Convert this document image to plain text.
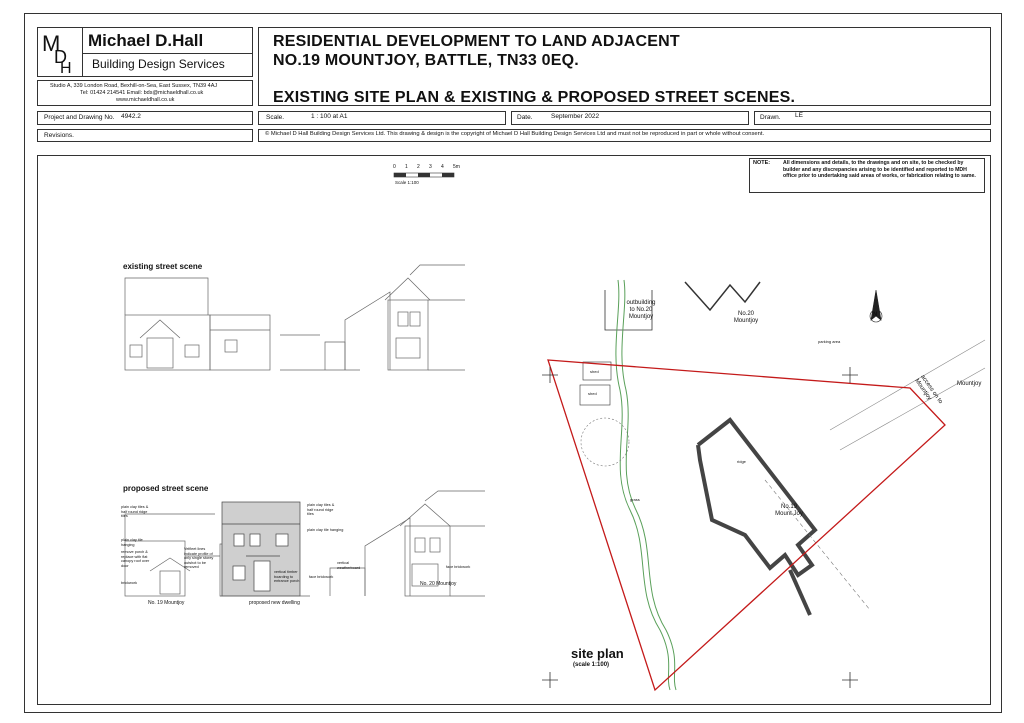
M
D
H
Michael D.Hall
Building Design Services
Studio A, 339 London Road, Bexhill-on-Sea, East Sussex, TN39 4AJ
Tel: 01424 214541 Email: bds@michaeldhall.co.uk
www.michaeldhall.co.uk
RESIDENTIAL DEVELOPMENT TO LAND ADJACENT
NO.19 MOUNTJOY, BATTLE, TN33 0EQ.
EXISTING SITE PLAN & EXISTING & PROPOSED STREET SCENES.
Project and Drawing No. 4942.2	Scale.	1 : 100 at A1	Date.	September 2022	Drawn. LE
Revisions.	© Michael D Hall Building Design Services Ltd. This drawing & design is the copyright of Michael D Hall Building Design Services Ltd and must not be reproduced in part or whole without consent.
NOTE: All dimensions and details, to the drawings and on site, to be checked by builder and any discrepancies arising to be identified and reported to MDH office prior to undertaking said areas of works, or fabrication relating to same.
0 1 2 3 4 5m
Scale 1:100
existing street scene
proposed street scene
plain clay tiles & half round ridge tiles
plain clay tile hanging
remove porch & replace with flat canopy roof over door
Velfleet lines indicate profile of only single storey outshot to be removed
brickwork
vertical timber boarding to entrance porch
plain clay tiles & half round ridge tiles
plain clay tile hanging
face brickwork
vertical weatherboard	face brickwork
No. 19 Mountjoy	proposed new dwelling
No. 20 Mountjoy
outbuilding
to No.20
Mountjoy	No.20
Mountjoy
No.19
Mount Joy
access on to
Mountjoy	Mountjoy
shed
shed
grass
parking area
ridge
N
site plan
(scale 1:100)
